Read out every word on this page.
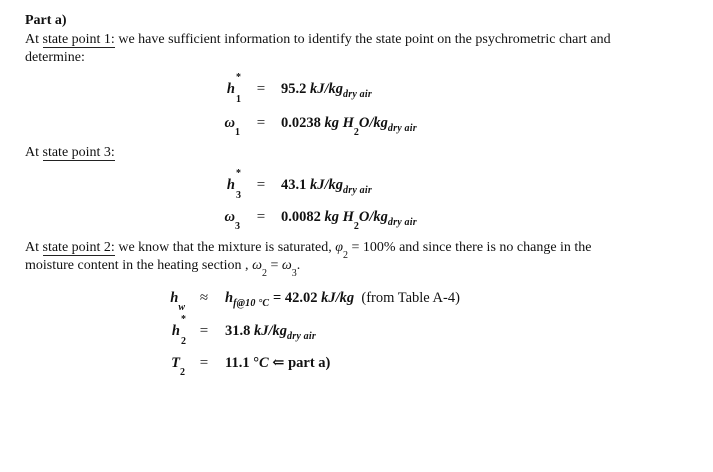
Part a)
At state point 1: we have sufficient information to identify the state point on the psychrometric chart and
determine:
h
*
$_1$
= 95.2 $kJ/kg_{dry air}$
$\omega_1$
= 0.0238 kg $H_2O/kg_{dry air}$
At state point 3:
h
*
$_3$
= 43.1 $kJ/kg_{dry air}$
$\omega_3$
= 0.0082 kg $H_2O/kg_{dry air}$
At state point 2: we know that the mixture is saturated, $\varphi_2 = 100\%$ and since there is no change in the
moisture content in the heating section , $\omega_2 = \omega_3$.
$h_w$
≈ $h_{f@10 ^\circ C} = 42.02$ kJ/kg (from Table A-4)
h
*
$_2$
= 31.8 $kJ/kg_{dry air}$
$T_2$
= 11.1 °C ⇐ part a)
